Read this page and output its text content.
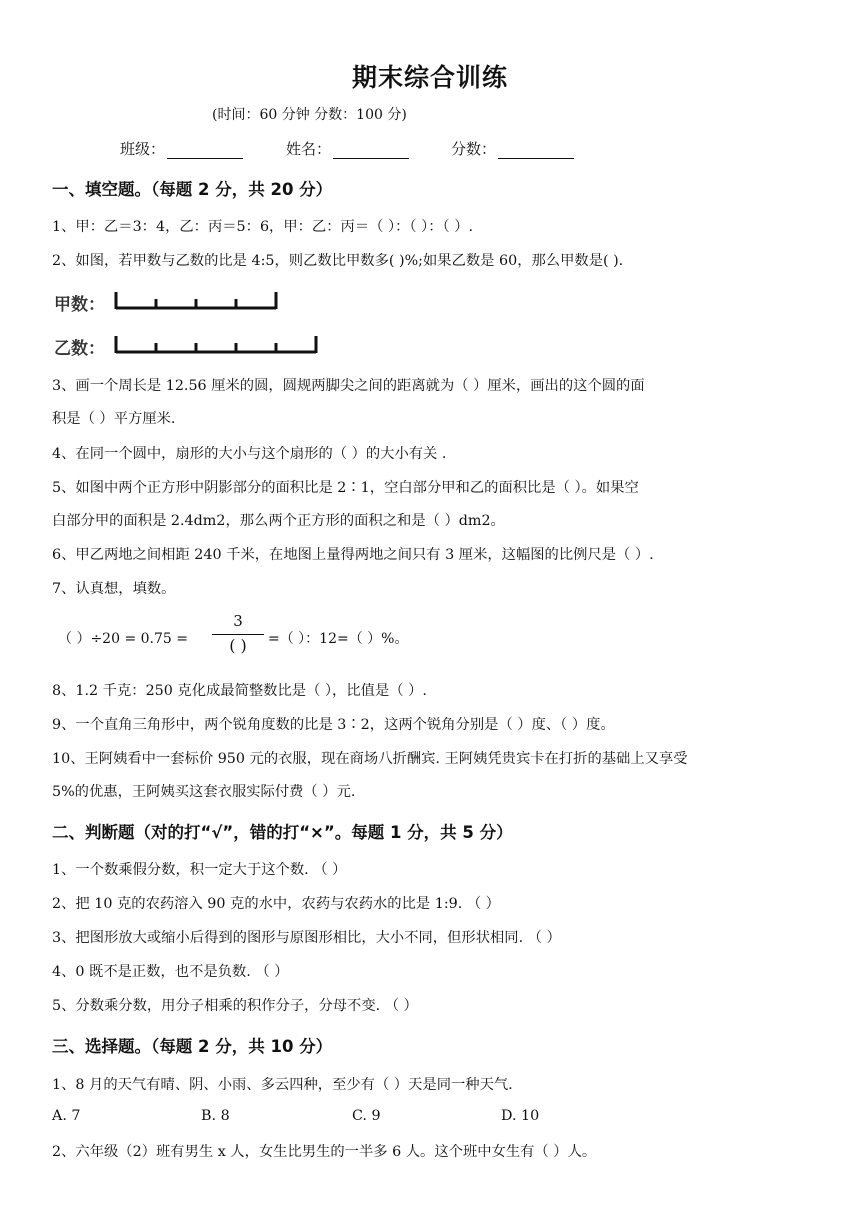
期末综合训练
(时间：60 分钟 分数：100 分)
班级：	姓名：	分数：
一、填空题。（每题 2 分，共 20 分）
1、甲：乙＝3：4，乙：丙＝5：6，甲：乙：丙＝（ ）：（ ）：（ ）.
2、如图，若甲数与乙数的比是 4:5，则乙数比甲数多( )%;如果乙数是 60，那么甲数是( ).
甲数：
乙数：
3、画一个周长是 12.56 厘米的圆，圆规两脚尖之间的距离就为（ ）厘米，画出的这个圆的面
积是（ ）平方厘米.
4、在同一个圆中，扇形的大小与这个扇形的（ ）的大小有关 .
5、如图中两个正方形中阴影部分的面积比是 2∶1，空白部分甲和乙的面积比是（ ）。如果空
白部分甲的面积是 2.4dm2，那么两个正方形的面积之和是（ ）dm2。
6、甲乙两地之间相距 240 千米，在地图上量得两地之间只有 3 厘米，这幅图的比例尺是（ ）.
7、认真想，填数。
（ ）÷20 = 0.75 =
3
( )	=（ ）：12=（ ）%。
8、1.2 千克：250 克化成最简整数比是（ ），比值是（ ）.
9、一个直角三角形中，两个锐角度数的比是 3∶2，这两个锐角分别是（ ）度、（ ）度。
10、王阿姨看中一套标价 950 元的衣服，现在商场八折酬宾. 王阿姨凭贵宾卡在打折的基础上又享受
5%的优惠，王阿姨买这套衣服实际付费（ ）元.
二、判断题（对的打“√”，错的打“×”。每题 1 分，共 5 分）
1、一个数乘假分数，积一定大于这个数. （ ）
2、把 10 克的农药溶入 90 克的水中，农药与农药水的比是 1:9. （ ）
3、把图形放大或缩小后得到的图形与原图形相比，大小不同，但形状相同. （ ）
4、0 既不是正数，也不是负数. （ ）
5、分数乘分数，用分子相乘的积作分子，分母不变. （ ）
三、选择题。（每题 2 分，共 10 分）
1、8 月的天气有晴、阴、小雨、多云四种，至少有（ ）天是同一种天气.
A. 7	B. 8	C. 9	D. 10
2、六年级（2）班有男生 x 人，女生比男生的一半多 6 人。这个班中女生有（ ）人。
